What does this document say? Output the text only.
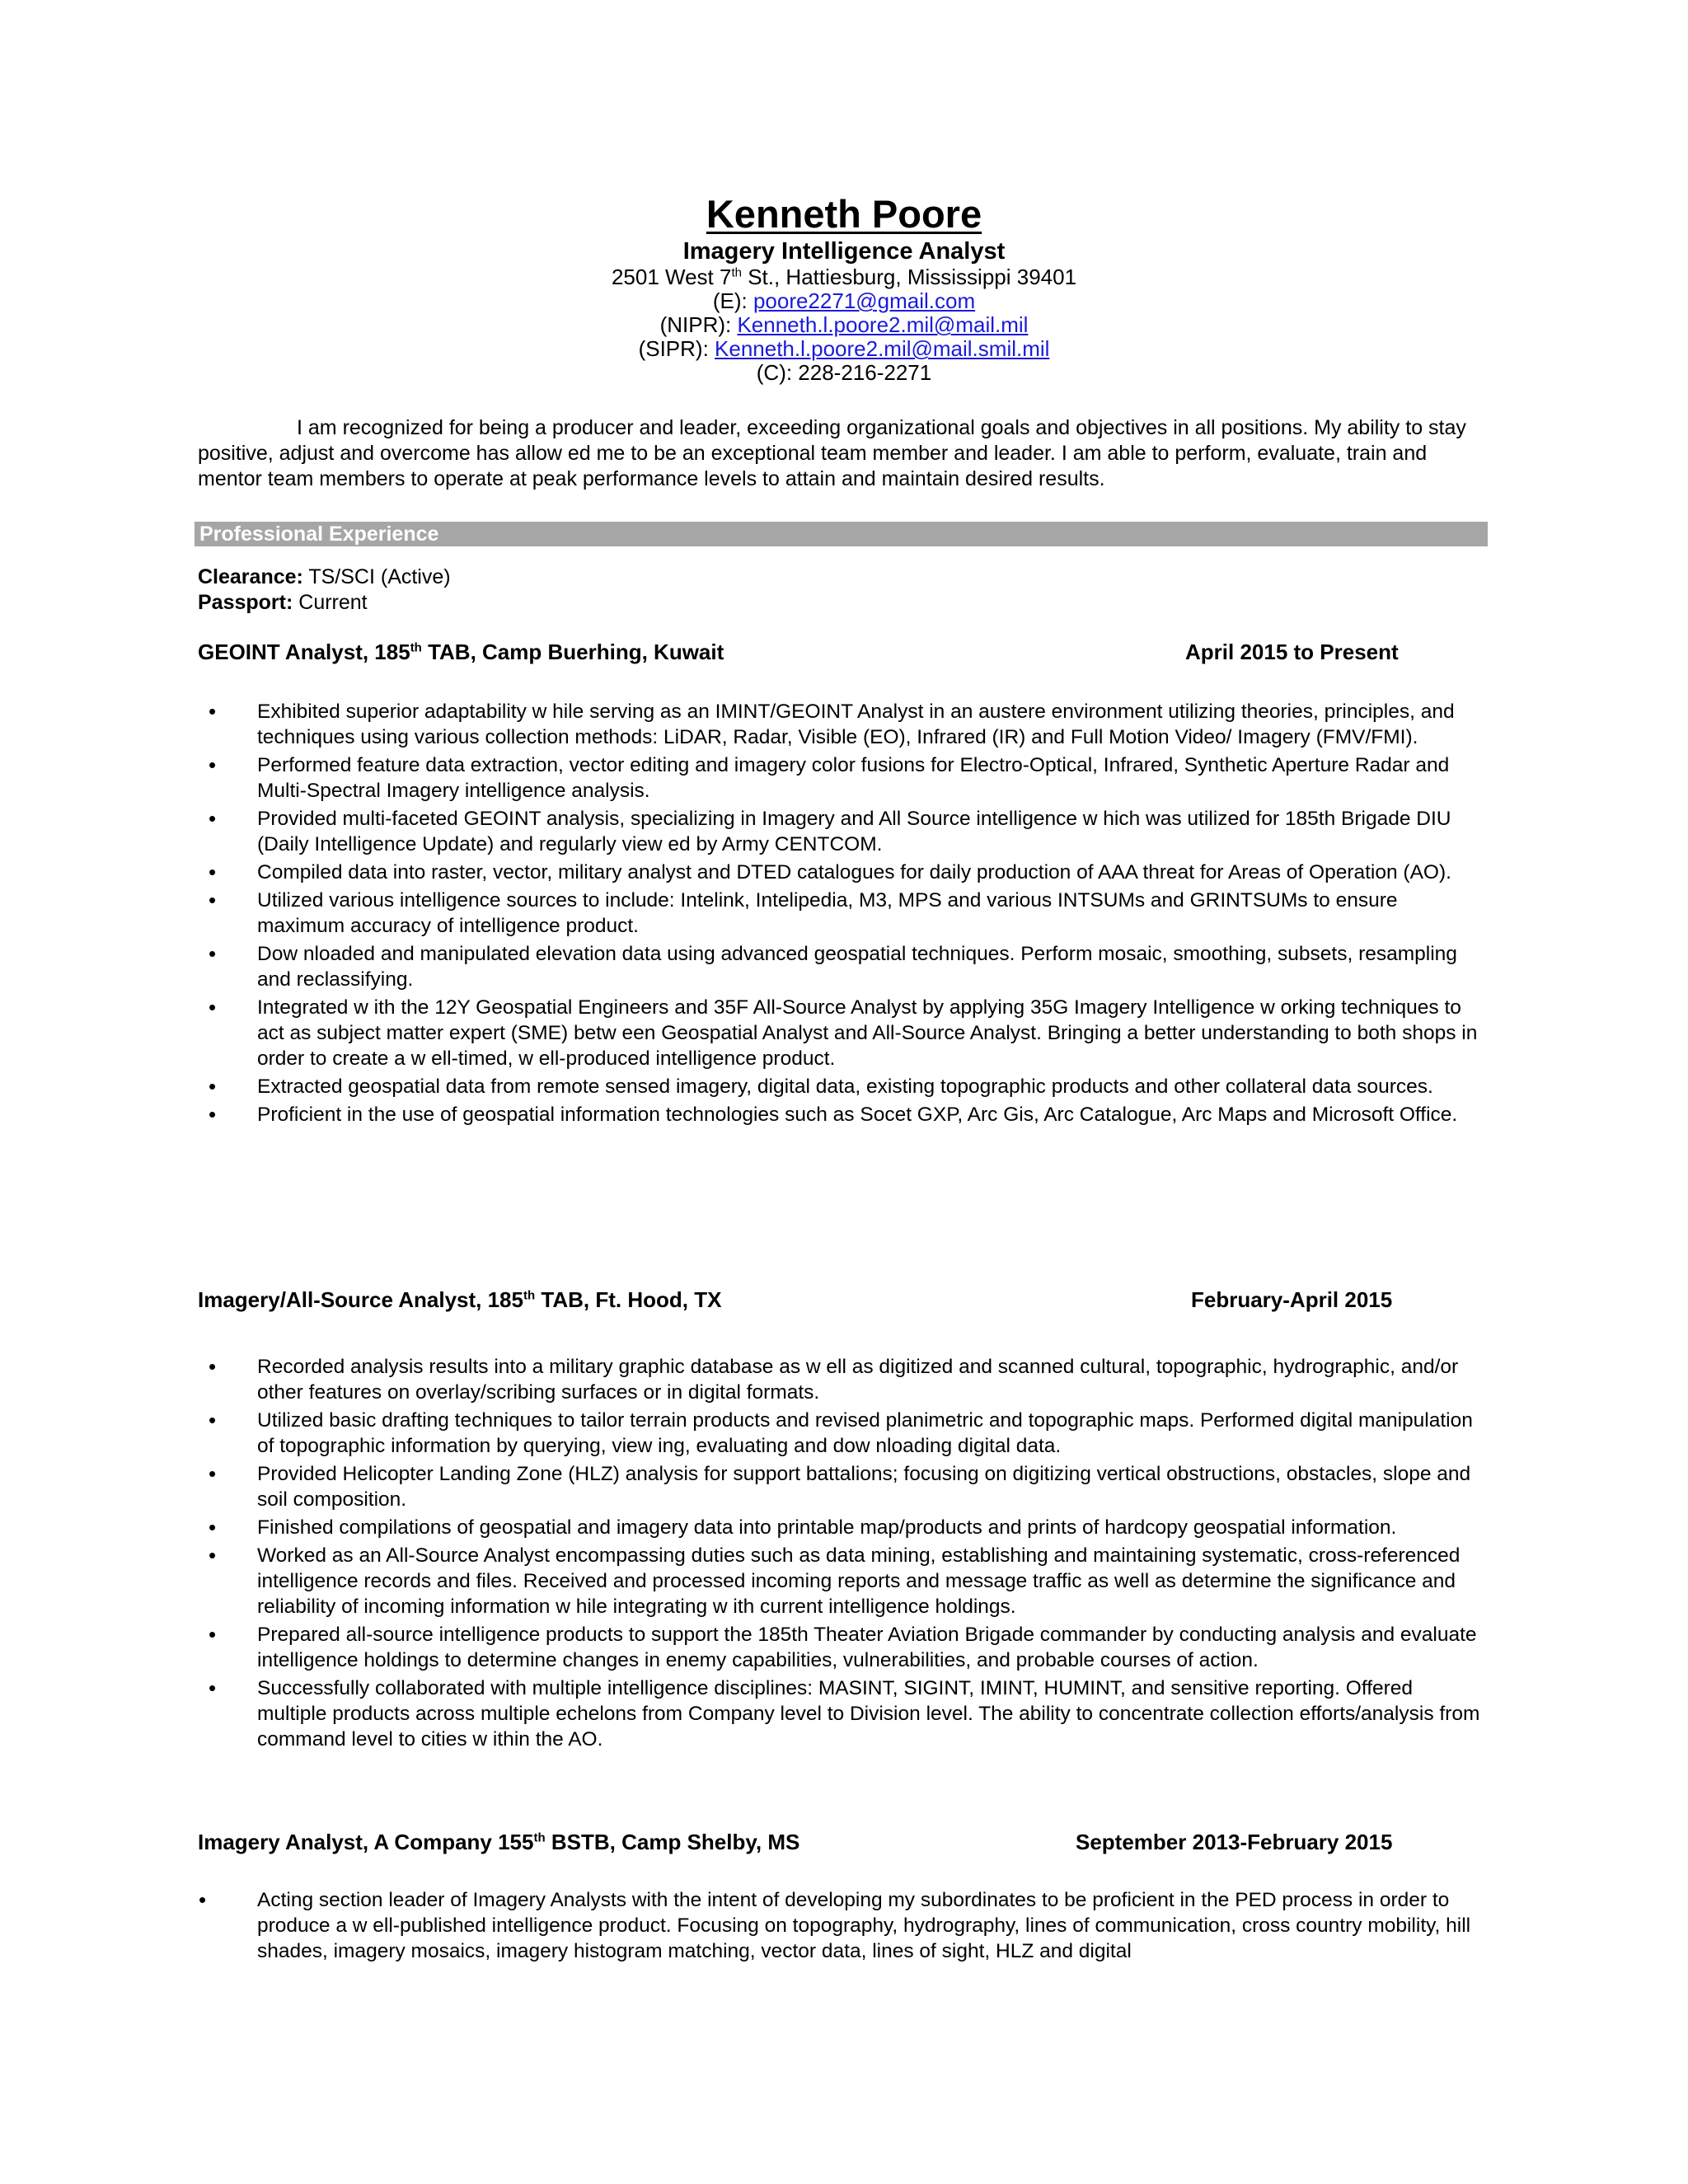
Kenneth Poore
Imagery Intelligence Analyst
2501 West 7th St., Hattiesburg, Mississippi 39401
(E): poore2271@gmail.com
(NIPR): Kenneth.l.poore2.mil@mail.mil
(SIPR): Kenneth.l.poore2.mil@mail.smil.mil
(C): 228-216-2271
I am recognized for being a producer and leader, exceeding organizational goals and objectives in all positions. My ability to stay positive, adjust and overcome has allow ed me to be an exceptional team member and leader. I am able to perform, evaluate, train and mentor team members to operate at peak performance levels to attain and maintain desired results.
Professional Experience
Clearance: TS/SCI (Active)
Passport: Current
GEOINT Analyst, 185th TAB, Camp Buerhing, Kuwait	April 2015 to Present
• Exhibited superior adaptability w hile serving as an IMINT/GEOINT Analyst in an austere environment utilizing theories, principles, and techniques using various collection methods: LiDAR, Radar, Visible (EO), Infrared (IR) and Full Motion Video/ Imagery (FMV/FMI).
• Performed feature data extraction, vector editing and imagery color fusions for Electro-Optical, Infrared, Synthetic Aperture Radar and Multi-Spectral Imagery intelligence analysis.
• Provided multi-faceted GEOINT analysis, specializing in Imagery and All Source intelligence w hich was utilized for 185th Brigade DIU (Daily Intelligence Update) and regularly view ed by Army CENTCOM.
• Compiled data into raster, vector, military analyst and DTED catalogues for daily production of AAA threat for Areas of Operation (AO).
• Utilized various intelligence sources to include: Intelink, Intelipedia, M3, MPS and various INTSUMs and GRINTSUMs to ensure maximum accuracy of intelligence product.
• Dow nloaded and manipulated elevation data using advanced geospatial techniques. Perform mosaic, smoothing, subsets, resampling and reclassifying.
• Integrated w ith the 12Y Geospatial Engineers and 35F All-Source Analyst by applying 35G Imagery Intelligence w orking techniques to act as subject matter expert (SME) betw een Geospatial Analyst and All-Source Analyst. Bringing a better understanding to both shops in order to create a w ell-timed, w ell-produced intelligence product.
• Extracted geospatial data from remote sensed imagery, digital data, existing topographic products and other collateral data sources.
• Proficient in the use of geospatial information technologies such as Socet GXP, Arc Gis, Arc Catalogue, Arc Maps and Microsoft Office.
Imagery/All-Source Analyst, 185th TAB, Ft. Hood, TX	February-April 2015
• Recorded analysis results into a military graphic database as w ell as digitized and scanned cultural, topographic, hydrographic, and/or other features on overlay/scribing surfaces or in digital formats.
• Utilized basic drafting techniques to tailor terrain products and revised planimetric and topographic maps. Performed digital manipulation of topographic information by querying, view ing, evaluating and dow nloading digital data.
• Provided Helicopter Landing Zone (HLZ) analysis for support battalions; focusing on digitizing vertical obstructions, obstacles, slope and soil composition.
• Finished compilations of geospatial and imagery data into printable map/products and prints of hardcopy geospatial information.
• Worked as an All-Source Analyst encompassing duties such as data mining, establishing and maintaining systematic, cross-referenced intelligence records and files. Received and processed incoming reports and message traffic as well as determine the significance and reliability of incoming information w hile integrating w ith current intelligence holdings.
• Prepared all-source intelligence products to support the 185th Theater Aviation Brigade commander by conducting analysis and evaluate intelligence holdings to determine changes in enemy capabilities, vulnerabilities, and probable courses of action.
• Successfully collaborated with multiple intelligence disciplines: MASINT, SIGINT, IMINT, HUMINT, and sensitive reporting. Offered multiple products across multiple echelons from Company level to Division level. The ability to concentrate collection efforts/analysis from command level to cities w ithin the AO.
Imagery Analyst, A Company 155th BSTB, Camp Shelby, MS	September 2013-February 2015
•	Acting section leader of Imagery Analysts with the intent of developing my subordinates to be proficient in the PED process in order to produce a w ell-published intelligence product. Focusing on topography, hydrography, lines of communication, cross country mobility, hill shades, imagery mosaics, imagery histogram matching, vector data, lines of sight, HLZ and digital
